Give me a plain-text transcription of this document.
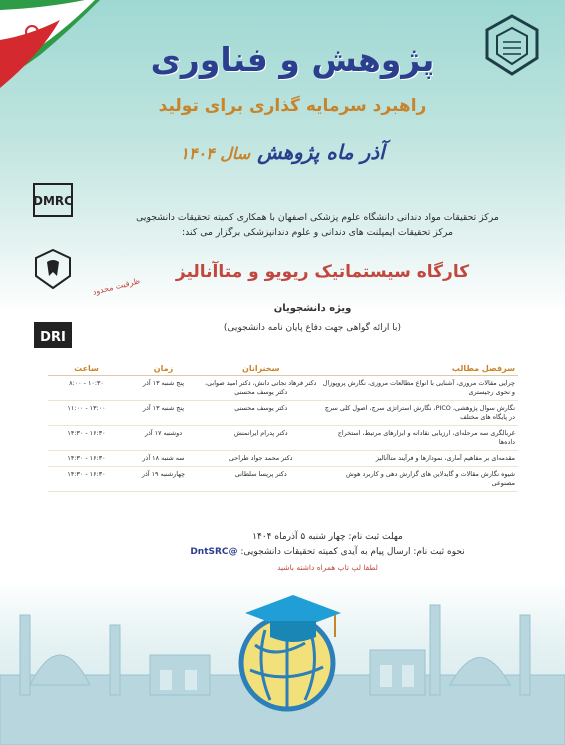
پژوهش و فناوری
راهبرد سرمایه گذاری برای تولید
آذر ماه پژوهش سال ۱۴۰۴
DMRC

DRI
مرکز تحقیقات مواد دندانی دانشگاه علوم پزشکی اصفهان با همکاری کمیته تحقیقات دانشجویی
مرکز تحقیقات ایمپلنت های دندانی و علوم دندانپزشکی برگزار می کند:
کارگاه سیستماتیک ریویو و متاآنالیز
ظرفیت محدود
ویژه دانشجویان
(با ارائه گواهی جهت دفاع پایان نامه دانشجویی)
سرفصل مطالب	سخنرانان	زمان	ساعت
چرایی مقالات مروری، آشنایی با انواع مطالعات مروری، نگارش پروپوزال و نحوی رجیستری	دکتر فرهاد نجاتی دانش، دکتر امید صوابی، دکتر یوسف محسنی	پنج شنبه ۱۳ آذر	۸:۰۰ - ۱۰:۳۰
نگارش سوال پژوهشی، PICO، نگارش استراتژی سرچ، اصول کلی سرچ در پایگاه های مختلف	دکتر یوسف محسنی	پنج شنبه ۱۳ آذر	۱۱:۰۰ - ۱۳:۰۰
غربالگری سه مرحله‌ای، ارزیابی نقادانه و ابزارهای مرتبط، استخراج داده‌ها	دکتر پدرام ایرانمنش	دوشنبه ۱۷ آذر	۱۴:۳۰ - ۱۶:۳۰
مقدمه‌ای بر مفاهیم آماری، نمودارها و فرآیند متاآنالیز	دکتر محمد جواد طراحی	سه شنبه ۱۸ آذر	۱۴:۳۰ - ۱۶:۳۰
شیوه نگارش مقالات و گایدلاین های گزارش دهی و کاربرد هوش مصنوعی	دکتر پریسا سلطانی	چهارشنبه ۱۹ آذر	۱۴:۳۰ - ۱۶:۳۰
مهلت ثبت نام: چهار شنبه ۵ آذرماه ۱۴۰۴
نحوه ثبت نام: ارسال پیام به آیدی کمیته تحقیقات دانشجویی: @DntSRC
لطفا لپ تاپ همراه داشته باشید
